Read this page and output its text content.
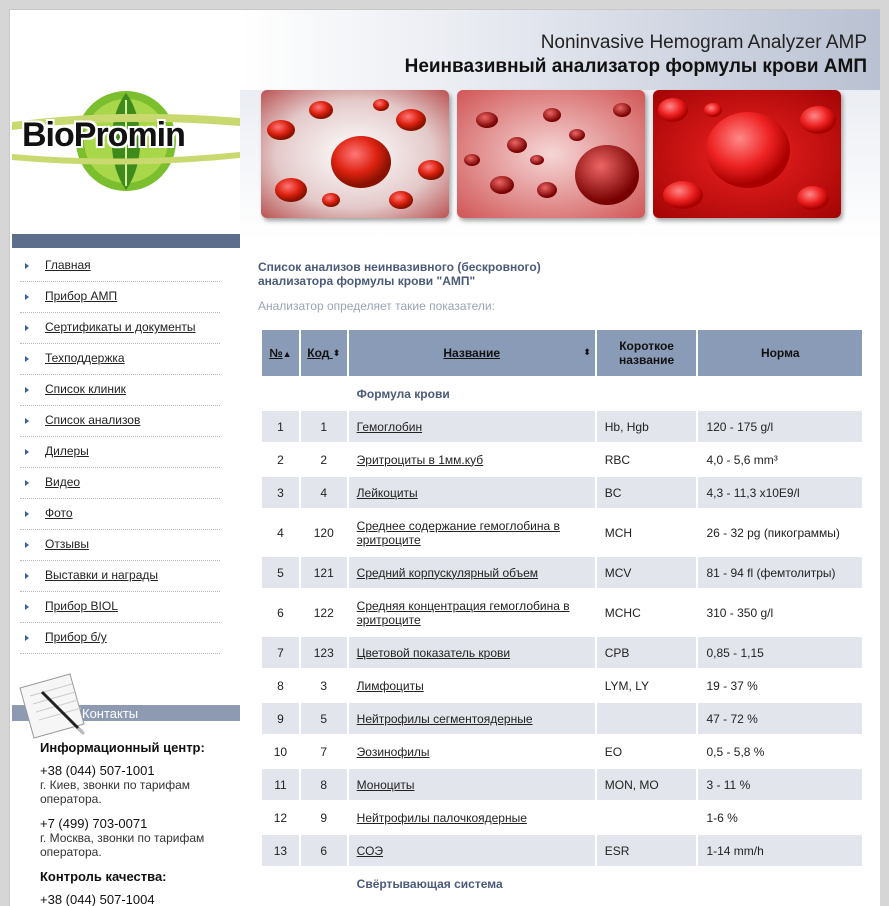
Noninvasive Hemogram Analyzer AMP
Неинвазивный анализатор формулы крови АМП
BioPromin
Главная
Прибор АМП
Сертификаты и документы
Техподдержка
Список клиник
Список анализов
Дилеры
Видео
Фото
Отзывы
Выставки и награды
Прибор BIOL
Прибор б/у
Контакты
Информационный центр:
+38 (044) 507-1001
г. Киев, звонки по тарифам оператора.
+7 (499) 703-0071
г. Москва, звонки по тарифам оператора.
Контроль качества:
+38 (044) 507-1004
Список анализов неинвазивного (бескровного)
анализатора формулы крови "АМП"
Анализатор определяет такие показатели:
№▲	Код ⬍	Название ⬍	Короткое название	Норма
		Формула крови		
1	1	Гемоглобин	Hb, Hgb	120 - 175 g/l
2	2	Эритроциты в 1мм.куб	RBC	4,0 - 5,6 mm³
3	4	Лейкоциты	BC	4,3 - 11,3 x10E9/l
4	120	Среднее содержание гемоглобина в эритроците	MCH	26 - 32 pg (пикограммы)
5	121	Средний корпускулярный объем	MCV	81 - 94 fl (фемтолитры)
6	122	Средняя концентрация гемоглобина в эритроците	MCHC	310 - 350 g/l
7	123	Цветовой показатель крови	CPB	0,85 - 1,15
8	3	Лимфоциты	LYM, LY	19 - 37 %
9	5	Нейтрофилы сегментоядерные		47 - 72 %
10	7	Эозинофилы	EO	0,5 - 5,8 %
11	8	Моноциты	MON, MO	3 - 11 %
12	9	Нейтрофилы палочкоядерные		1-6 %
13	6	СОЭ	ESR	1-14 mm/h
		Свёртывающая система		
